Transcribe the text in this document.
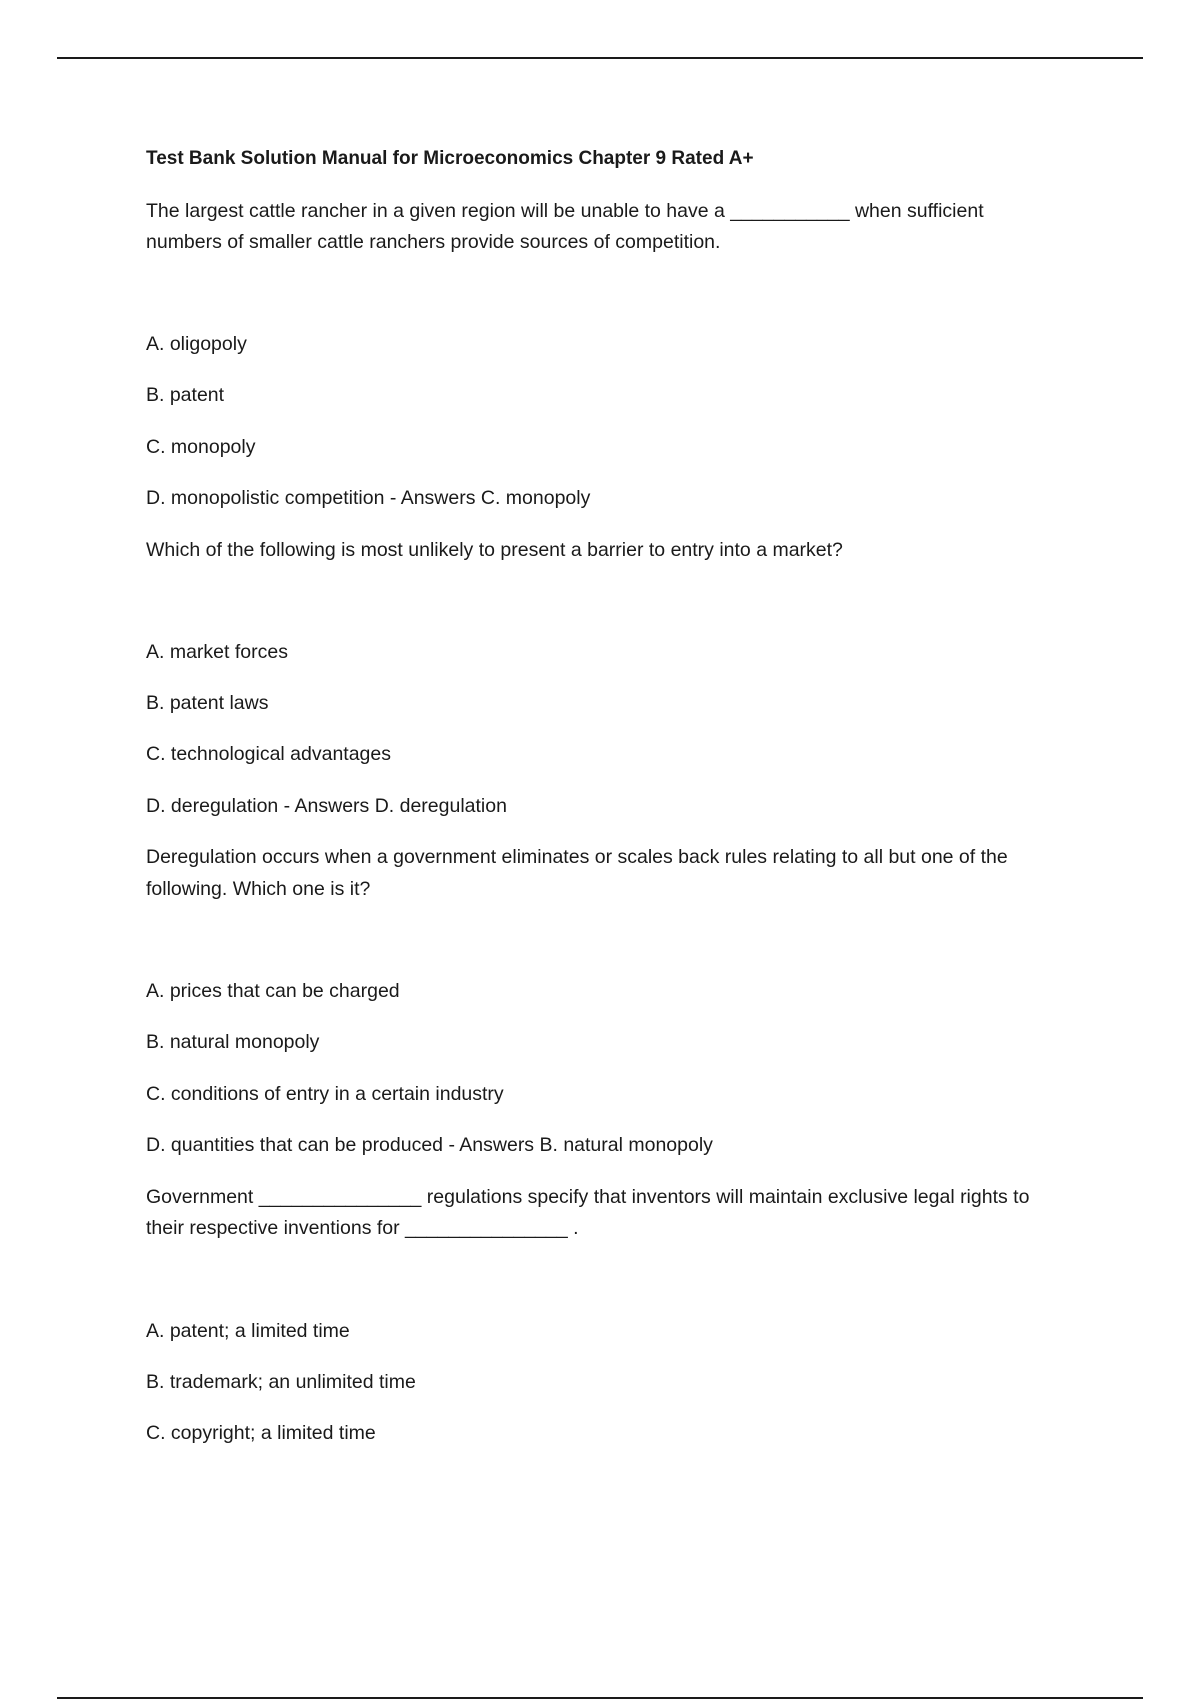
Test Bank Solution Manual for Microeconomics Chapter 9 Rated A+
The largest cattle rancher in a given region will be unable to have a ___________ when sufficient
numbers of smaller cattle ranchers provide sources of competition.
A. oligopoly
B. patent
C. monopoly
D. monopolistic competition - Answers C. monopoly
Which of the following is most unlikely to present a barrier to entry into a market?
A. market forces
B. patent laws
C. technological advantages
D. deregulation - Answers D. deregulation
Deregulation occurs when a government eliminates or scales back rules relating to all but one of the
following. Which one is it?
A. prices that can be charged
B. natural monopoly
C. conditions of entry in a certain industry
D. quantities that can be produced - Answers B. natural monopoly
Government _______________ regulations specify that inventors will maintain exclusive legal rights to
their respective inventions for _______________ .
A. patent; a limited time
B. trademark; an unlimited time
C. copyright; a limited time
